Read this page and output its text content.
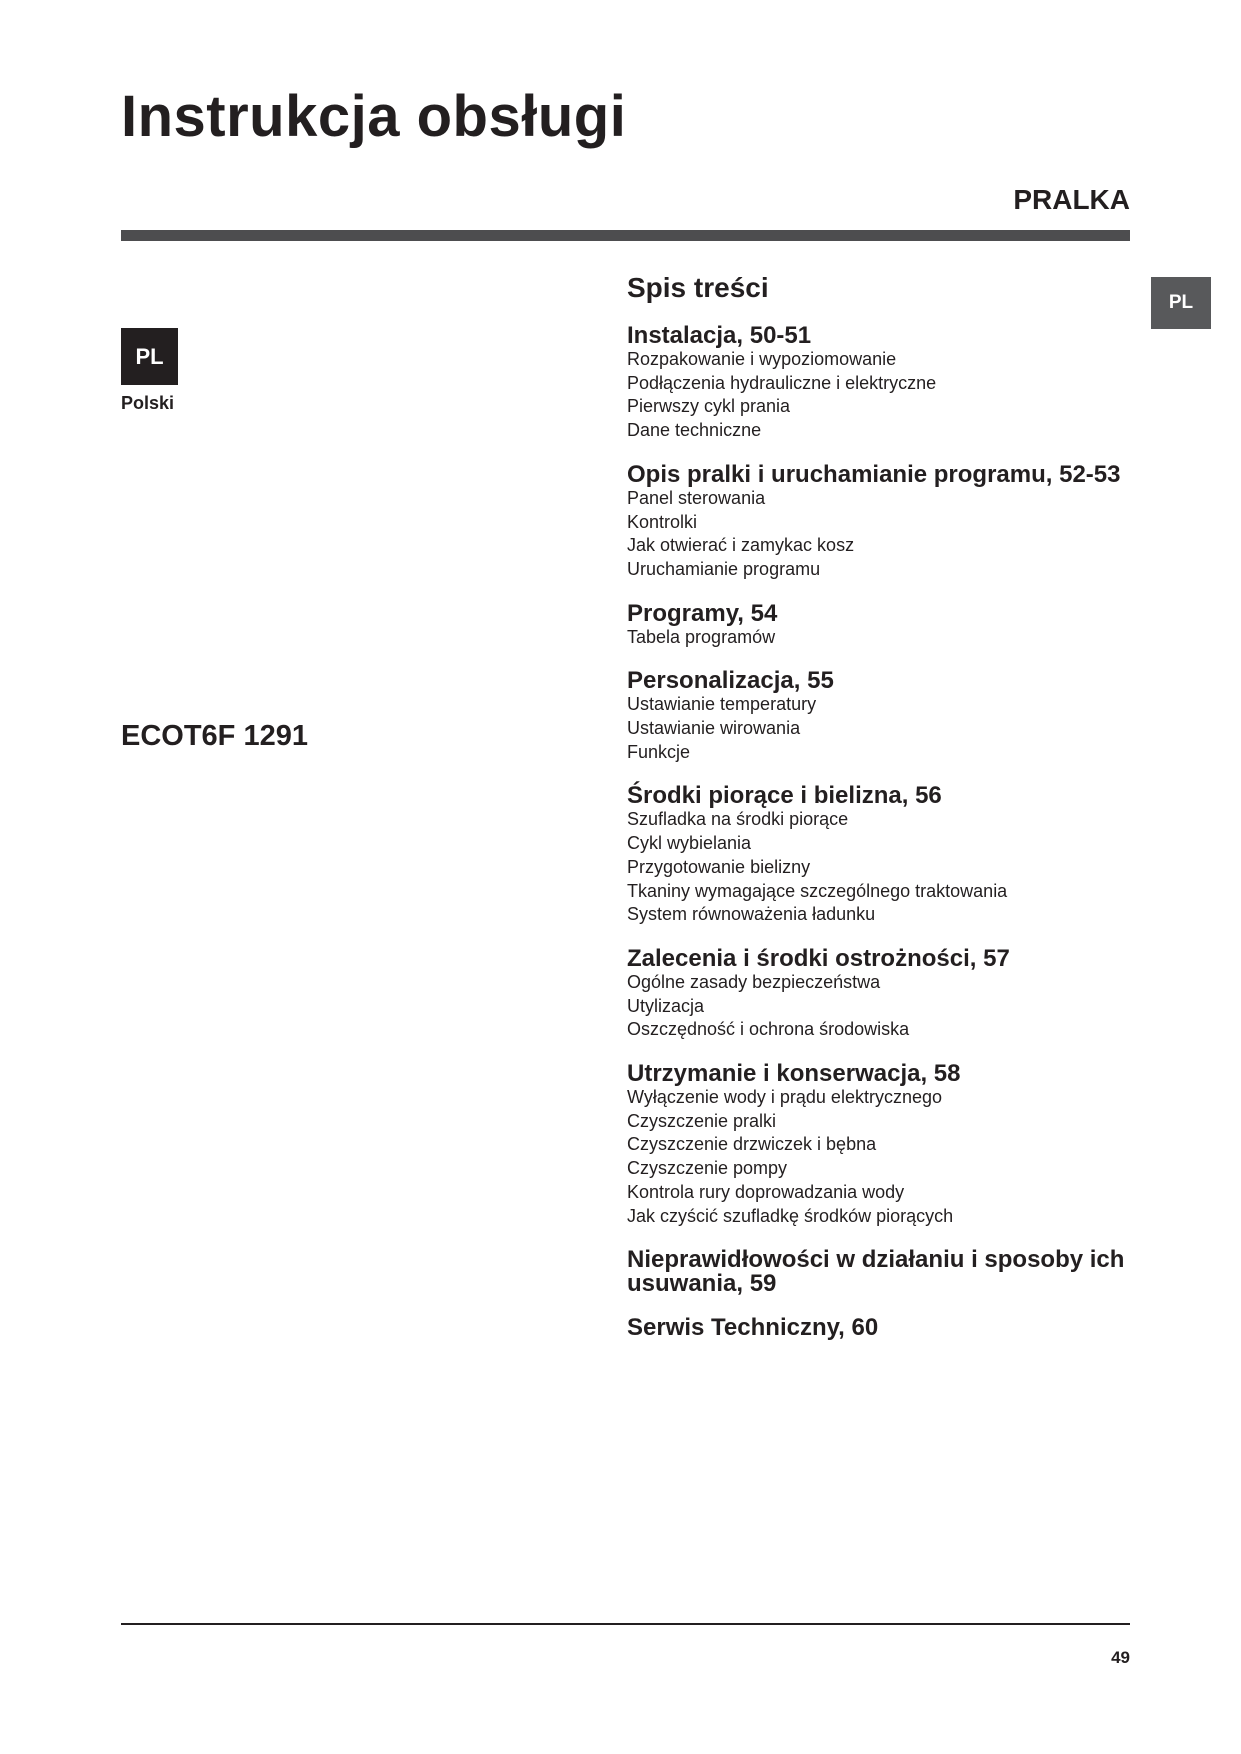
Instrukcja obsługi
PRALKA
PL
PL
Polski
ECOT6F 1291
Spis treści
Instalacja, 50-51
Rozpakowanie i wypoziomowanie
Podłączenia hydrauliczne i elektryczne
Pierwszy cykl prania
Dane techniczne
Opis pralki i uruchamianie programu, 52-53
Panel sterowania
Kontrolki
Jak otwierać i zamykac kosz
Uruchamianie programu
Programy, 54
Tabela programów
Personalizacja, 55
Ustawianie temperatury
Ustawianie wirowania
Funkcje
Środki piorące i bielizna, 56
Szufladka na środki piorące
Cykl wybielania
Przygotowanie bielizny
Tkaniny wymagające szczególnego traktowania
System równoważenia ładunku
Zalecenia i środki ostrożności, 57
Ogólne zasady bezpieczeństwa
Utylizacja
Oszczędność i ochrona środowiska
Utrzymanie i konserwacja, 58
Wyłączenie wody i prądu elektrycznego
Czyszczenie pralki
Czyszczenie drzwiczek i bębna
Czyszczenie pompy
Kontrola rury doprowadzania wody
Jak czyścić szufladkę środków piorących
Nieprawidłowości w działaniu i sposoby ich usuwania, 59
Serwis Techniczny, 60
49
